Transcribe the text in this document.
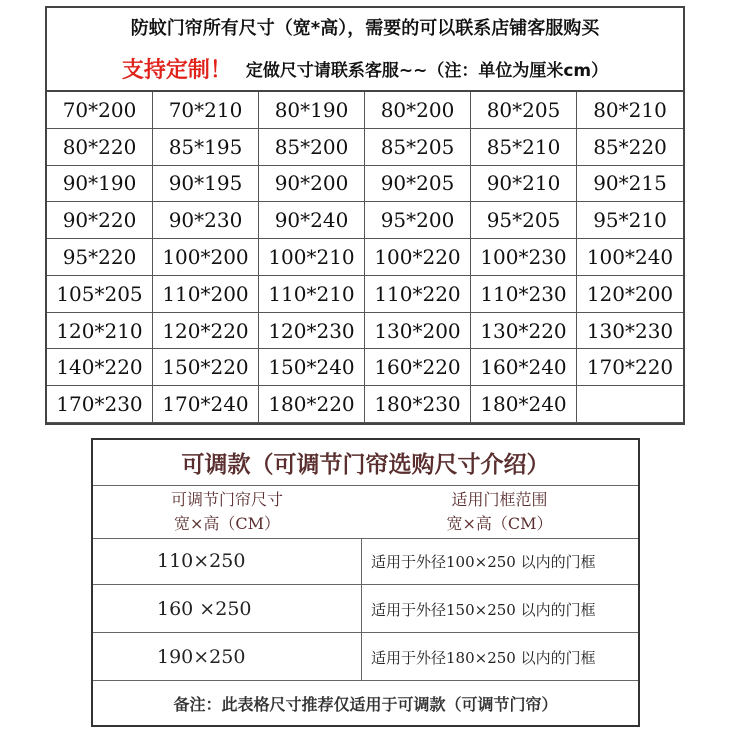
防蚊门帘所有尺寸（宽*高），需要的可以联系店铺客服购买
支持定制！ 定做尺寸请联系客服~~（注：单位为厘米cm）
70*200	70*210	80*190	80*200	80*205	80*210
80*220	85*195	85*200	85*205	85*210	85*220
90*190	90*195	90*200	90*205	90*210	90*215
90*220	90*230	90*240	95*200	95*205	95*210
95*220	100*200 100*210 100*220 100*230	100*240
105*205 110*200 110*210 110*220 110*230	120*200
120*210 120*220 120*230 130*200 130*220	130*230
140*220 150*220 150*240 160*220 160*240	170*220
170*230 170*240 180*220 180*230 180*240
可调款（可调节门帘选购尺寸介绍）
可调节门帘尺寸
宽×高（CM）
适用门框范围
宽×高（CM）
110×250	适用于外径100×250 以内的门框
160 ×250	适用于外径150×250 以内的门框
190×250	适用于外径180×250 以内的门框
备注：此表格尺寸推荐仅适用于可调款（可调节门帘）
